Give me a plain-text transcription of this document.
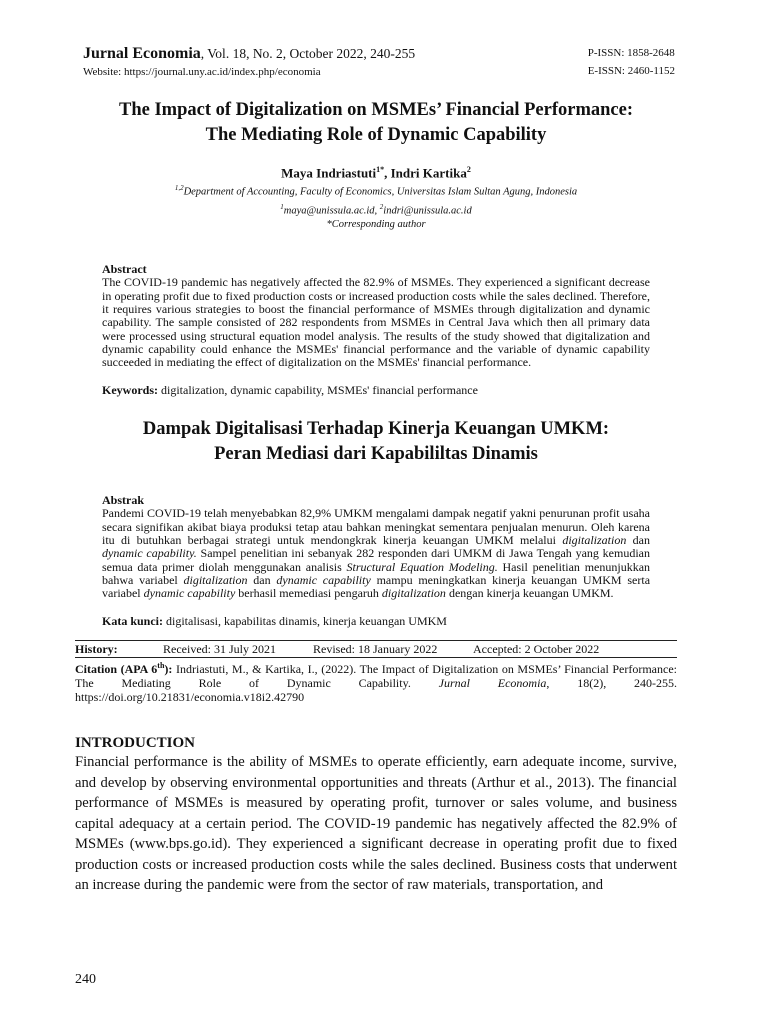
Jurnal Economia, Vol. 18, No. 2, October 2022, 240-255
Website: https://journal.uny.ac.id/index.php/economia
P-ISSN: 1858-2648
E-ISSN: 2460-1152
The Impact of Digitalization on MSMEs’ Financial Performance:
The Mediating Role of Dynamic Capability
Maya Indriastuti$^{1*}$, Indri Kartika$^2$
$^{1,2}$Department of Accounting, Faculty of Economics, Universitas Islam Sultan Agung, Indonesia
$^1$maya@unissula.ac.id, $^2$indri@unissula.ac.id
*Corresponding author
Abstract
The COVID-19 pandemic has negatively affected the 82.9% of MSMEs. They experienced a significant decrease in operating profit due to fixed production costs or increased production costs while the sales declined. Therefore, it requires various strategies to boost the financial performance of MSMEs through digitalization and dynamic capability. The sample consisted of 282 respondents from MSMEs in Central Java which then all primary data were processed using structural equation model analysis. The results of the study showed that digitalization and dynamic capability could enhance the MSMEs' financial performance and the variable of dynamic capability succeeded in mediating the effect of digitalization on the MSMEs' financial performance.
Keywords: digitalization, dynamic capability, MSMEs' financial performance
Dampak Digitalisasi Terhadap Kinerja Keuangan UMKM:
Peran Mediasi dari Kapabililtas Dinamis
Abstrak
Pandemi COVID-19 telah menyebabkan 82,9% UMKM mengalami dampak negatif yakni penurunan profit usaha secara signifikan akibat biaya produksi tetap atau bahkan meningkat sementara penjualan menurun. Oleh karena itu di butuhkan berbagai strategi untuk mendongkrak kinerja keuangan UMKM melalui digitalization dan dynamic capability. Sampel penelitian ini sebanyak 282 responden dari UMKM di Jawa Tengah yang kemudian semua data primer diolah menggunakan analisis Structural Equation Modeling. Hasil penelitian menunjukkan bahwa variabel digitalization dan dynamic capability mampu meningkatkan kinerja keuangan UMKM serta variabel dynamic capability berhasil memediasi pengaruh digitalization dengan kinerja keuangan UMKM.
Kata kunci: digitalisasi, kapabilitas dinamis, kinerja keuangan UMKM
History:	Received: 31 July 2021	Revised: 18 January 2022	Accepted: 2 October 2022
Citation (APA 6th): Indriastuti, M., & Kartika, I., (2022). The Impact of Digitalization on MSMEs’ Financial Performance: The Mediating Role of Dynamic Capability. Jurnal Economia, 18(2), 240-255. https://doi.org/10.21831/economia.v18i2.42790
INTRODUCTION
Financial performance is the ability of MSMEs to operate efficiently, earn adequate income, survive, and develop by observing environmental opportunities and threats (Arthur et al., 2013). The financial performance of MSMEs is measured by operating profit, turnover or sales volume, and business capital adequacy at a certain period. The COVID-19 pandemic has negatively affected the 82.9% of MSMEs (www.bps.go.id). They experienced a significant decrease in operating profit due to fixed production costs or increased production costs while the sales declined. Business costs that underwent an increase during the pandemic were from the sector of raw materials, transportation, and
240
